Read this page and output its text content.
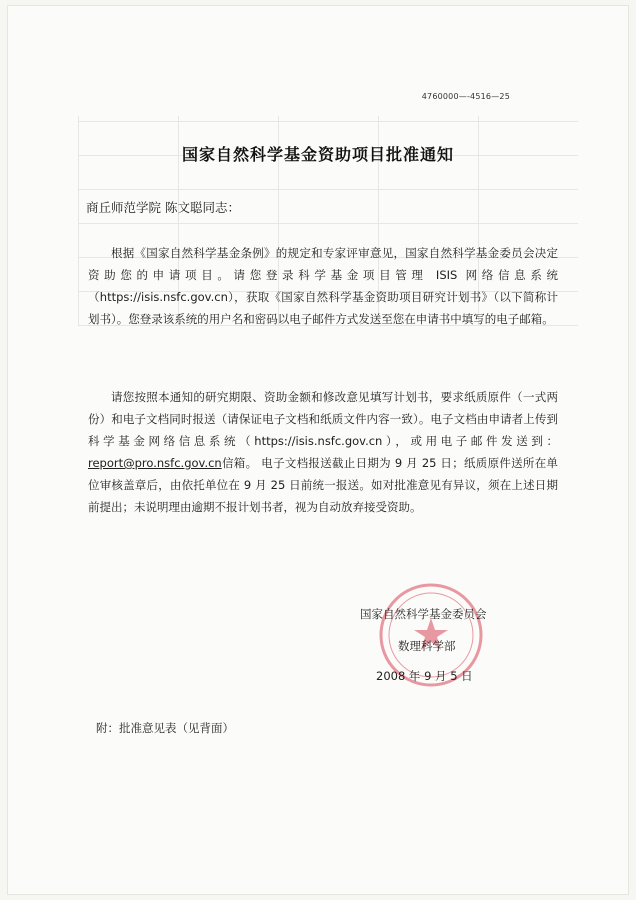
4760000—-4516—25
国家自然科学基金资助项目批准通知
商丘师范学院 陈文聪同志：
根据《国家自然科学基金条例》的规定和专家评审意见，国家自然科学基金委员会决定资助您的申请项目。请您登录科学基金项目管理 ISIS 网络信息系统（https://isis.nsfc.gov.cn），获取《国家自然科学基金资助项目研究计划书》（以下简称计划书）。您登录该系统的用户名和密码以电子邮件方式发送至您在申请书中填写的电子邮箱。
请您按照本通知的研究期限、资助金额和修改意见填写计划书，要求纸质原件（一式两份）和电子文档同时报送（请保证电子文档和纸质文件内容一致）。电子文档由申请者上传到科学基金网络信息系统（https://isis.nsfc.gov.cn），或用电子邮件发送到：report@pro.nsfc.gov.cn信箱。 电子文档报送截止日期为 9 月 25 日；纸质原件送所在单位审核盖章后，由依托单位在 9 月 25 日前统一报送。如对批准意见有异议，须在上述日期前提出；未说明理由逾期不报计划书者，视为自动放弃接受资助。
国家自然科学基金委员会
数理科学部
2008 年 9 月 5 日
附：批准意见表（见背面）
